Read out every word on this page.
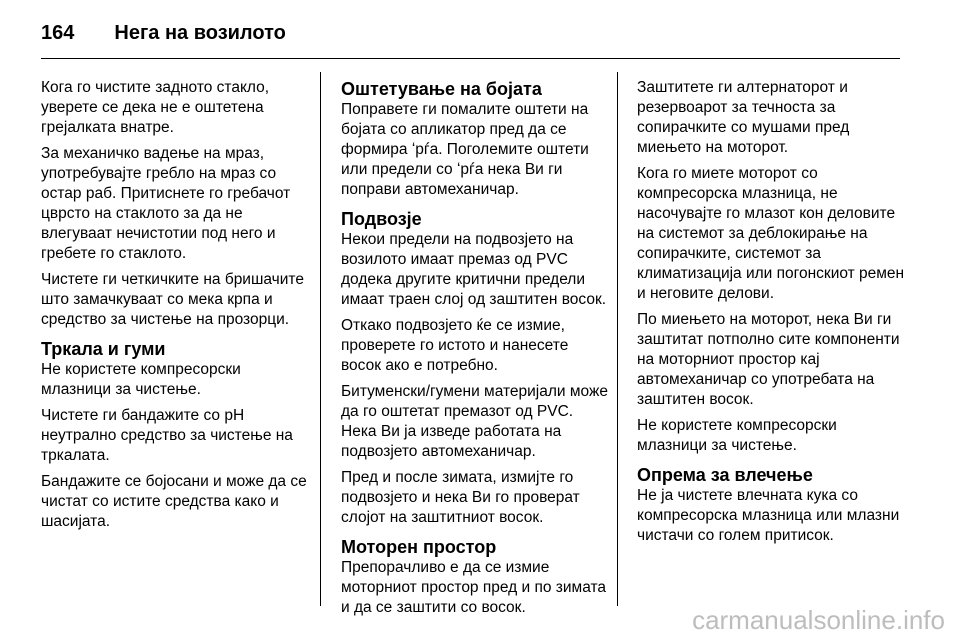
164 Нега на возилото

Кога го чистите задното стакло, уверете се дека не е оштетена грејалката внатре.

За механичко вадење на мраз, употребувајте гребло на мраз со остар раб. Притиснете го гребачот цврсто на стаклото за да не влегуваат нечистотии под него и гребете го стаклото.

Чистете ги четкичките на бришачите што замачкуваат со мека крпа и средство за чистење на прозорци.

Тркала и гуми

Не користете компресорски млазници за чистење.

Чистете ги бандажите со pH неутрално средство за чистење на тркалата.

Бандажите се бојосани и може да се чистат со истите средства како и шасијата.

Оштетување на бојата

Поправете ги помалите оштети на бојата со апликатор пред да се формира ʻрѓа. Поголемите оштети или предели со ʻрѓа нека Ви ги поправи автомеханичар.

Подвозје

Некои предели на подвозјето на возилото имаат премаз од PVC додека другите критични предели имаат траен слој од заштитен восок.

Откако подвозјето ќе се измие, проверете го истото и нанесете восок ако е потребно.

Битуменски/гумени материјали може да го оштетат премазот од PVC. Нека Ви ја изведе работата на подвозјето автомеханичар.

Пред и после зимата, измијте го подвозјето и нека Ви го проверат слојот на заштитниот восок.

Моторен простор

Препорачливо е да се измие моторниот простор пред и по зимата и да се заштити со восок.

Заштитете ги алтернаторот и резервоарот за течноста за сопирачките со мушами пред миењето на моторот.

Кога го миете моторот со компресорска млазница, не насочувајте го млазот кон деловите на системот за деблокирање на сопирачките, системот за климатизација или погонскиот ремен и неговите делови.

По миењето на моторот, нека Ви ги заштитат потполно сите компоненти на моторниот простор кај автомеханичар со употребата на заштитен восок.

Не користете компресорски млазници за чистење.

Опрема за влечење

Не ја чистете влечната кука со компресорска млазница или млазни чистачи со голем притисок.

carmanualsonline.info
